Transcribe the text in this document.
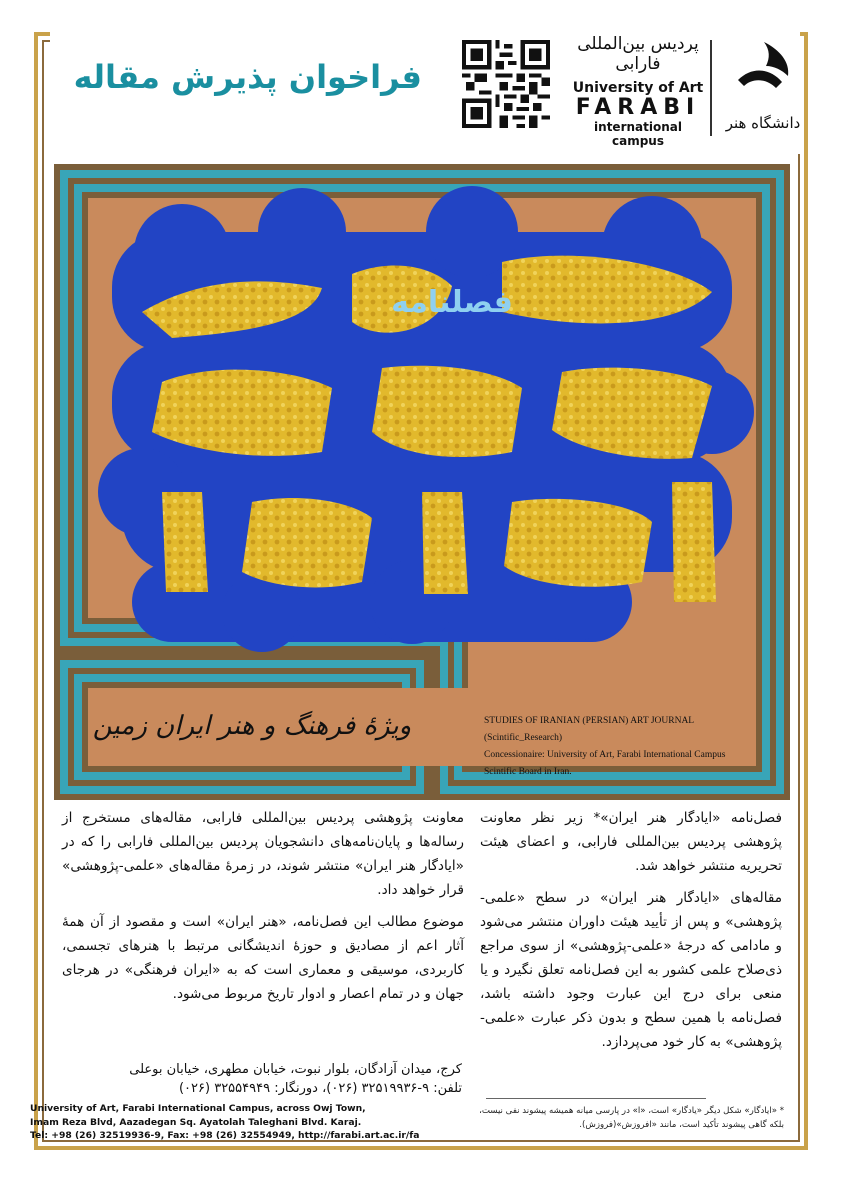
فراخوان پذیرش مقاله
پردیس بین‌المللی فارابی
University of Art
FARABI
international campus
دانشگاه هنر
فصلنامه
ویژهٔ فرهنگ و هنر ایران زمین	STUDIES OF IRANIAN (PERSIAN) ART JOURNAL
(Scintific_Research)
Concessionaire: University of Art, Farabi International Campus
Scintific Board in Iran.

فصل‌نامه «ایادگار هنر ایران»* زیر نظر معاونت پژوهشی پردیس بین‌المللی فارابی، و اعضای هیئت تحریریه منتشر خواهد شد.

مقاله‌های «ایادگار هنر ایران» در سطح «علمی-پژوهشی» و پس از تأیید هیئت داوران منتشر می‌شود و مادامی که درجهٔ «علمی-پژوهشی» از سوی مراجع ذی‌صلاح علمی کشور به این فصل‌نامه تعلق نگیرد و یا منعی برای درج این عبارت وجود داشته باشد، فصل‌نامه با همین سطح و بدون ذکر عبارت «علمی-پژوهشی» به کار خود می‌پردازد.

معاونت پژوهشی پردیس بین‌المللی فارابی، مقاله‌های مستخرج از رساله‌ها و پایان‌نامه‌های دانشجویان پردیس بین‌المللی فارابی را که در «ایادگار هنر ایران» منتشر شوند، در زمرهٔ مقاله‌های «علمی-پژوهشی» قرار خواهد داد.

موضوع مطالب این فصل‌نامه، «هنر ایران» است و مقصود از آن همهٔ آثار اعم از مصادیق و حوزهٔ اندیشگانی مرتبط با هنرهای تجسمی، کاربردی، موسیقی و معماری است که به «ایران فرهنگی» در هرجای جهان و در تمام اعصار و ادوار تاریخ مربوط می‌شود.

* «ایادگار» شکل دیگر «یادگار» است، «ا» در پارسی میانه همیشه پیشوند نفی نیست، بلکه گاهی پیشوند تأکید است، مانند «افروزش»(فروزش).
کرج، میدان آزادگان، بلوار نبوت، خیابان مطهری، خیابان بوعلی
تلفن: ۹-۳۲۵۱۹۹۳۶ (۰۲۶)، دورنگار: ۳۲۵۵۴۹۴۹ (۰۲۶)
University of Art, Farabi International Campus, across Owj Town,
Imam Reza Blvd, Aazadegan Sq. Ayatolah Taleghani Blvd. Karaj.
Tel: +98 (26) 32519936-9, Fax: +98 (26) 32554949, http://farabi.art.ac.ir/fa
